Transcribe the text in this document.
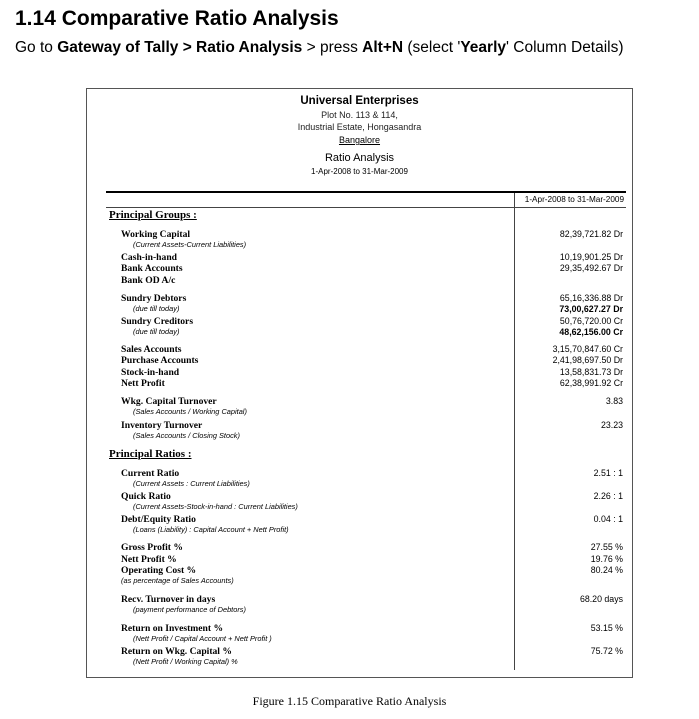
1.14 Comparative Ratio Analysis
Go to Gateway of Tally > Ratio Analysis > press Alt+N (select 'Yearly' Column Details)
Universal Enterprises
Plot No. 113 & 114,
Industrial Estate, Hongasandra
Bangalore
Ratio Analysis
1-Apr-2008 to 31-Mar-2009
1-Apr-2008 to 31-Mar-2009
Principal Groups :
Working Capital	82,39,721.82 Dr
(Current Assets-Current Liabilities)
Cash-in-hand	10,19,901.25 Dr
Bank Accounts	29,35,492.67 Dr
Bank OD A/c
Sundry Debtors	65,16,336.88 Dr
(due till today)	73,00,627.27 Dr
Sundry Creditors	50,76,720.00 Cr
(due till today)	48,62,156.00 Cr
Sales Accounts	3,15,70,847.60 Cr
Purchase Accounts	2,41,98,697.50 Dr
Stock-in-hand	13,58,831.73 Dr
Nett Profit	62,38,991.92 Cr
Wkg. Capital Turnover	3.83
(Sales Accounts / Working Capital)
Inventory Turnover	23.23
(Sales Accounts / Closing Stock)
Principal Ratios :
Current Ratio	2.51 : 1
(Current Assets : Current Liabilities)
Quick Ratio	2.26 : 1
(Current Assets-Stock-in-hand : Current Liabilities)
Debt/Equity Ratio	0.04 : 1
(Loans (Liability) : Capital Account + Nett Profit)
Gross Profit %	27.55 %
Nett Profit %	19.76 %
Operating Cost %	80.24 %
(as percentage of Sales Accounts)
Recv. Turnover in days	68.20 days
(payment performance of Debtors)
Return on Investment %	53.15 %
(Nett Profit / Capital Account + Nett Profit )
Return on Wkg. Capital %	75.72 %
(Nett Profit / Working Capital) %
Figure 1.15 Comparative Ratio Analysis
